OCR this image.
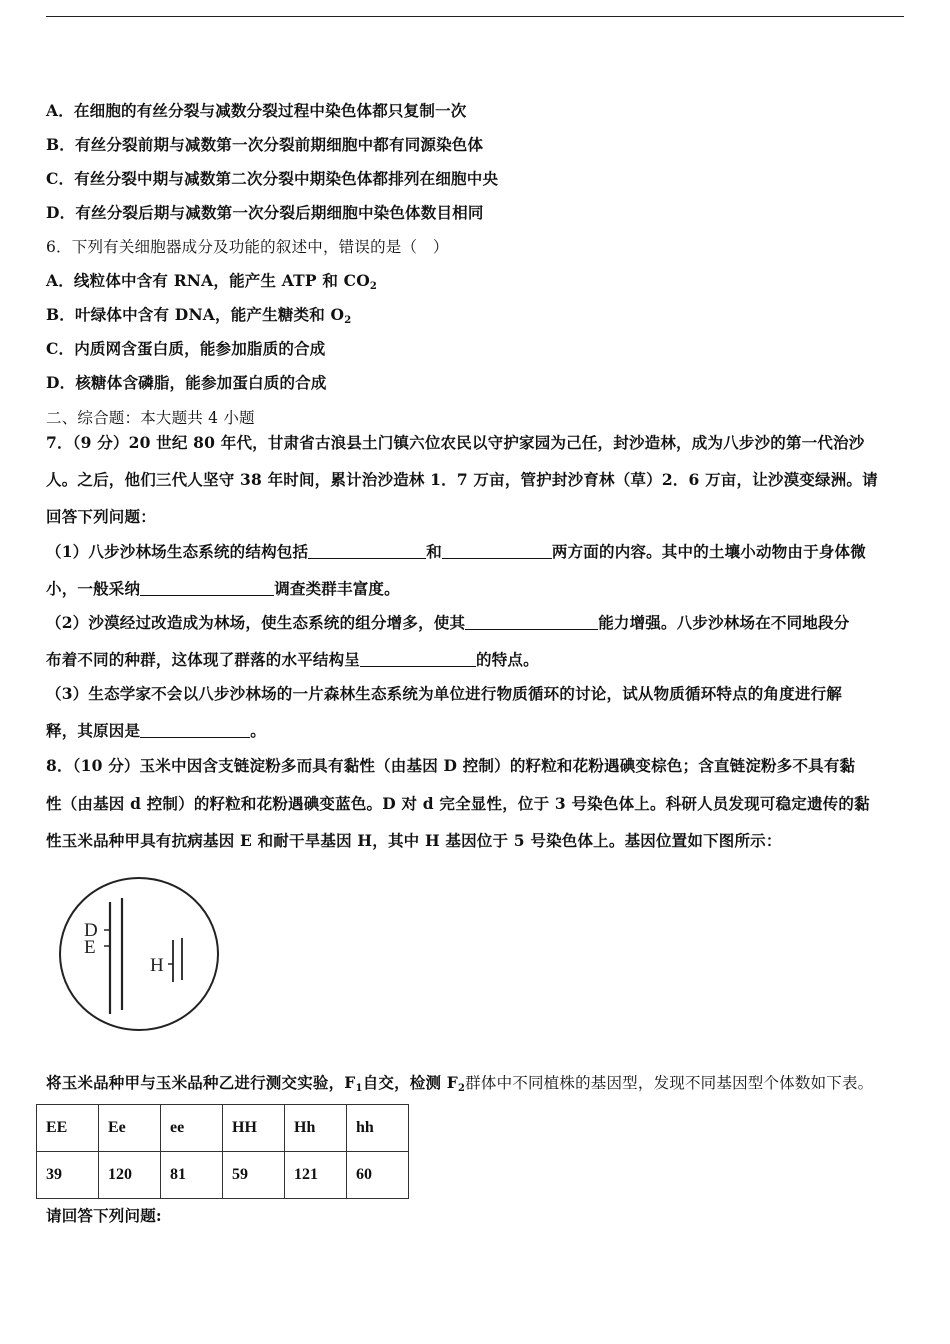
A．在细胞的有丝分裂与减数分裂过程中染色体都只复制一次
B．有丝分裂前期与减数第一次分裂前期细胞中都有同源染色体
C．有丝分裂中期与减数第二次分裂中期染色体都排列在细胞中央
D．有丝分裂后期与减数第一次分裂后期细胞中染色体数目相同
6．下列有关细胞器成分及功能的叙述中，错误的是（　）
A．线粒体中含有 RNA，能产生 ATP 和 $CO_2$
B．叶绿体中含有 DNA，能产生糖类和 $O_2$
C．内质网含蛋白质，能参加脂质的合成
D．核糖体含磷脂，能参加蛋白质的合成
二、综合题：本大题共 4 小题
7．（9 分）20 世纪 80 年代，甘肃省古浪县土门镇六位农民以守护家园为己任，封沙造林，成为八步沙的第一代治沙
人。之后，他们三代人坚守 38 年时间，累计治沙造林 1．7 万亩，管护封沙育林（草）2．6 万亩，让沙漠变绿洲。请
回答下列问题：
（1）八步沙林场生态系统的结构包括	和	两方面的内容。其中的土壤小动物由于身体微
小，一般采纳	调查类群丰富度。
（2）沙漠经过改造成为林场，使生态系统的组分增多，使其	能力增强。八步沙林场在不同地段分
布着不同的种群，这体现了群落的水平结构呈	的特点。
（3）生态学家不会以八步沙林场的一片森林生态系统为单位进行物质循环的讨论，试从物质循环特点的角度进行解
释，其原因是	。
8．（10 分）玉米中因含支链淀粉多而具有黏性（由基因 D 控制）的籽粒和花粉遇碘变棕色；含直链淀粉多不具有黏
性（由基因 d 控制）的籽粒和花粉遇碘变蓝色。D 对 d 完全显性，位于 3 号染色体上。科研人员发现可稳定遗传的黏
性玉米品种甲具有抗病基因 E 和耐干旱基因 H，其中 H 基因位于 5 号染色体上。基因位置如下图所示：
D
E
H
将玉米品种甲与玉米品种乙进行测交实验，$F_1$自交，检测 $F_2$群体中不同植株的基因型，发现不同基因型个体数如下表。
EE	Ee	ee	HH	Hh	hh
39	120	81	59	121	60
请回答下列问题:
